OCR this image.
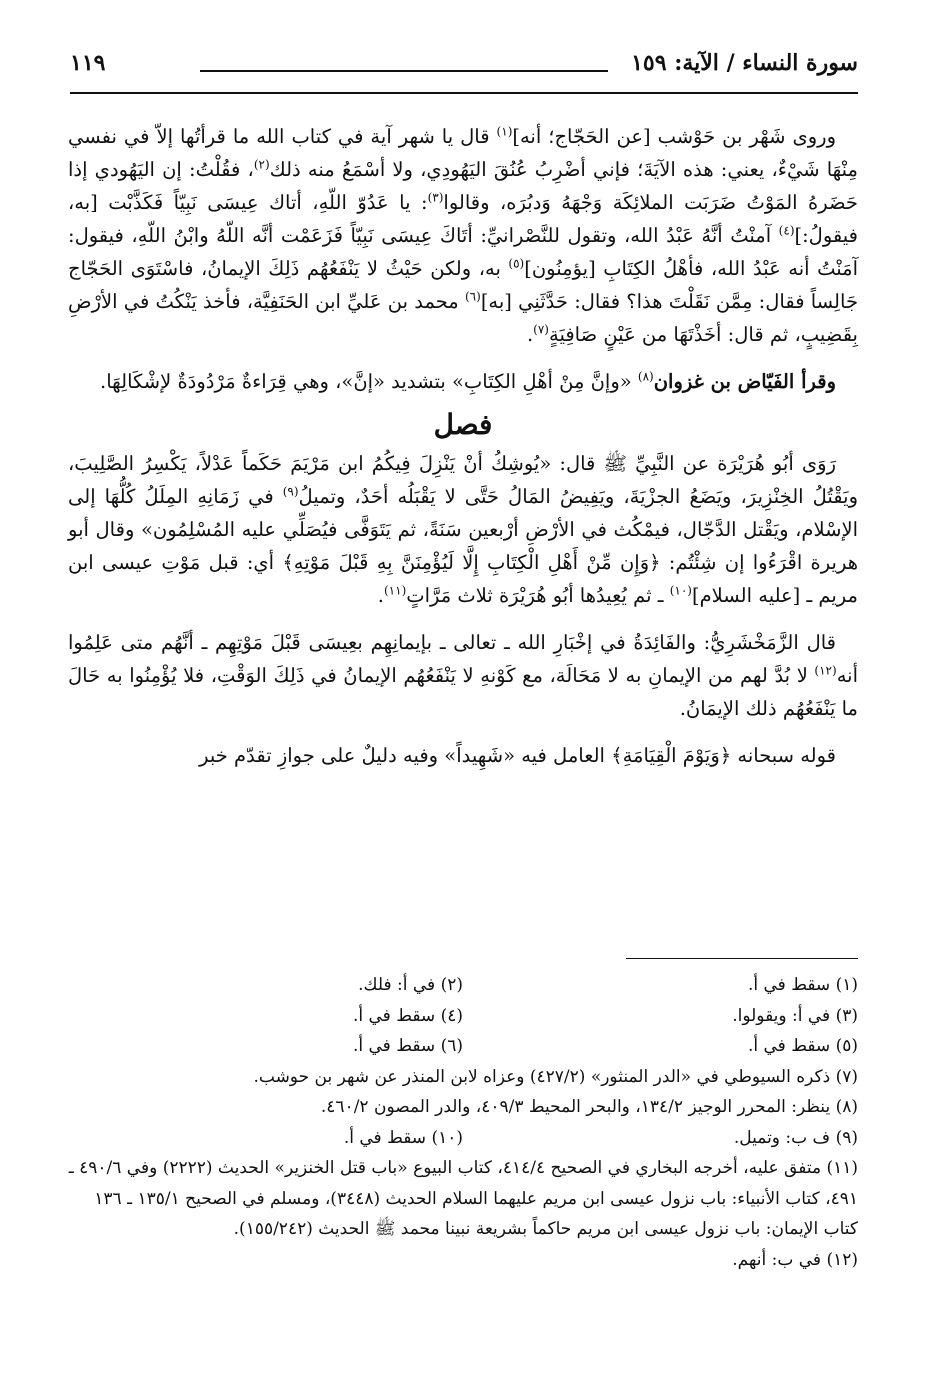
سورة النساء / الآية: ١٥٩
١١٩

وروى شَهْر بن حَوْشب [عن الحَجّاج؛ أنه]$^{(١)}$ قال يا شهر آية في كتاب الله ما قرأتُها إلاّ في نفسي مِنْهَا شَيْءٌ، يعني: هذه الآيَةَ؛ فإني أضْرِبُ عُنُقَ اليَهُودِي، ولا أسْمَعُ منه ذلك$^{(٢)}$، فقُلْتُ: إن اليَهُودي إذا حَضَرهُ المَوْتُ ضَرَبَت الملائِكَة وَجْهَهُ وَدبُرَه، وقالوا$^{(٣)}$: يا عَدُوّ اللّهِ، أتاك عِيسَى نَبِيّاً فَكَذَّبْت [به، فيقولُ:]$^{(٤)}$ آمنْتُ أنَّهُ عَبْدُ الله، وتقول للنَّصْرانيِّ: أتَاكَ عِيسَى نَبِيّاً فَزَعَمْت أنَّه اللّهُ وابْنُ اللّهِ، فيقول: آمَنْتُ أنه عَبْدُ الله، فأهْلُ الكِتَابِ [يؤمِنُون]$^{(٥)}$ به، ولكن حَيْثُ لا يَنْفَعُهُم ذَلِكَ الإيمانُ، فاسْتَوَى الحَجّاج جَالِساً فقال: مِمَّن نَقَلْتَ هذا؟ فقال: حَدَّثَنِي [به]$^{(٦)}$ محمد بن عَليِّ ابن الحَنَفِيَّة، فأخذ يَنْكُتُ في الأرْضِ بِقَضِيبٍ، ثم قال: أخَذْتَهَا من عَيْنٍ صَافِيَةٍ$^{(٧)}$.

وقرأ الفَيّاض بن غزوان$^{(٨)}$ «وإنَّ مِنْ أهْلِ الكِتَابِ» بتشديد «إنَّ»، وهي قِرَاءةٌ مَرْدُودَةٌ لإشْكَالِهَا.

فصل

رَوَى أبُو هُرَيْرَة عن النَّبِيِّ ﷺ قال: «يُوشِكُ أنْ يَنْزِلَ فِيكُمُ ابن مَرْيَمَ حَكَماً عَدْلاً، يَكْسِرُ الصَّلِيبَ، ويَقْتُلُ الخِنْزِيرَ، ويَضَعُ الجزْيَةَ، ويَفِيضُ المَالُ حَتَّى لا يَقْبَلُه أحَدٌ، وتميلُ$^{(٩)}$ في زَمَانِهِ المِلَلُ كُلُّهَا إلى الإسْلام، ويَقْتل الدَّجّال، فيمْكُث في الأرْضِ أرْبعين سَنَةً، ثم يَتَوَفَّى فيُصَلِّي عليه المُسْلِمُون» وقال أبو هريرة اقْرَءُوا إن شِئْتُم: ﴿وَإِن مِّنْ أَهْلِ الْكِتَابِ إِلَّا لَيُؤْمِنَنَّ بِهِ قَبْلَ مَوْتِهِ﴾ أي: قبل مَوْتِ عيسى ابن مريم ـ [عليه السلام]$^{(١٠)}$ ـ ثم يُعِيدُها أبُو هُرَيْرَة ثلاث مَرَّاتٍ$^{(١١)}$.

قال الزَّمَخْشَرِيُّ: والفَائِدَةُ في إخْبَارِ الله ـ تعالى ـ بإيمانِهِم بعِيسَى قَبْلَ مَوْتِهِم ـ أنَّهُم متى عَلِمُوا أنه$^{(١٢)}$ لا بُدَّ لهم من الإيمانِ به لا مَحَالَة، مع كَوْنهِ لا يَنْفَعُهُم الإيمانُ في ذَلِكَ الوَقْتِ، فلا يُؤْمِنُوا به حَالَ ما يَنْفَعُهُم ذلك الإيمَانُ.

قوله سبحانه ﴿وَيَوْمَ الْقِيَامَةِ﴾ العامل فيه «شَهِيداً» وفيه دليلٌ على جوازِ تقدّم خبر

(١) سقط في أ.
(٢) في أ: فلك.
(٣) في أ: ويقولوا.
(٤) سقط في أ.
(٥) سقط في أ.
(٦) سقط في أ.
(٧) ذكره السيوطي في «الدر المنثور» (٤٢٧/٢) وعزاه لابن المنذر عن شهر بن حوشب.
(٨) ينظر: المحرر الوجيز ١٣٤/٢، والبحر المحيط ٤٠٩/٣، والدر المصون ٤٦٠/٢.
(٩) ف ب: وتميل.
(١٠) سقط في أ.
(١١) متفق عليه، أخرجه البخاري في الصحيح ٤١٤/٤، كتاب البيوع «باب قتل الخنزير» الحديث (٢٢٢٢) وفي ٤٩٠/٦ ـ ٤٩١، كتاب الأنبياء: باب نزول عيسى ابن مريم عليهما السلام الحديث (٣٤٤٨)، ومسلم في الصحيح ١٣٥/١ ـ ١٣٦ كتاب الإيمان: باب نزول عيسى ابن مريم حاكماً بشريعة نبينا محمد ﷺ الحديث (١٥٥/٢٤٢).
(١٢) في ب: أنهم.
